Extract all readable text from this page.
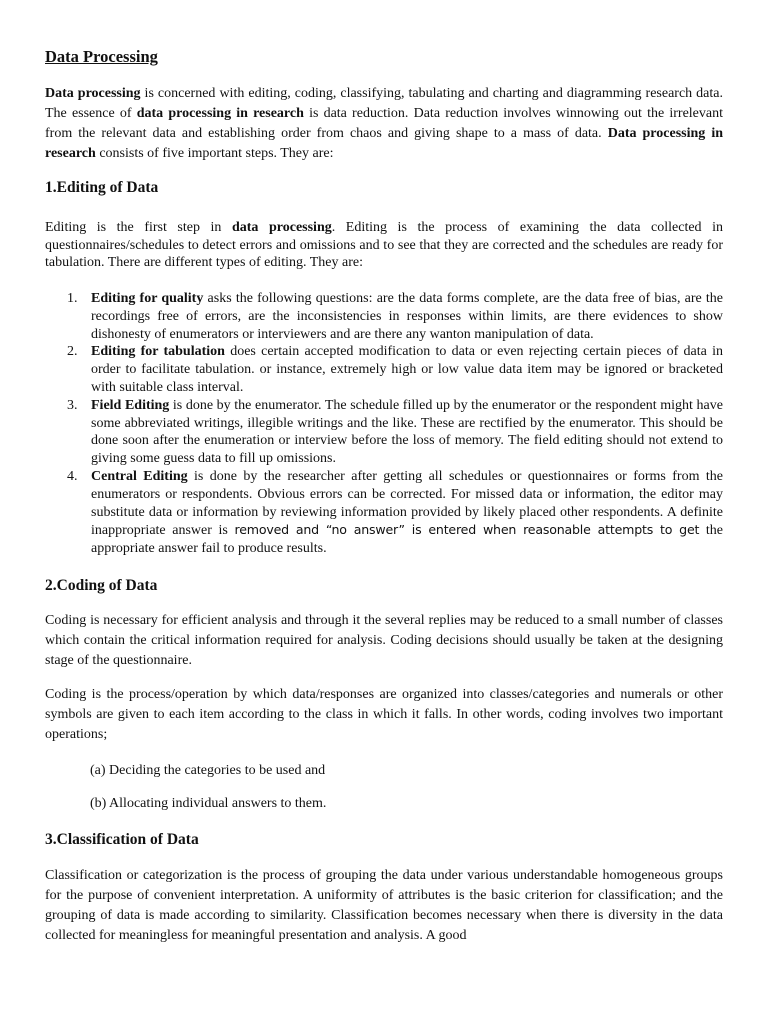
Data Processing

Data processing is concerned with editing, coding, classifying, tabulating and charting and diagramming research data. The essence of data processing in research is data reduction. Data reduction involves winnowing out the irrelevant from the relevant data and establishing order from chaos and giving shape to a mass of data. Data processing in research consists of five important steps. They are:

1.Editing of Data

Editing is the first step in data processing. Editing is the process of examining the data collected in questionnaires/schedules to detect errors and omissions and to see that they are corrected and the schedules are ready for tabulation. There are different types of editing. They are:

1. Editing for quality asks the following questions: are the data forms complete, are the data free of bias, are the recordings free of errors, are the inconsistencies in responses within limits, are there evidences to show dishonesty of enumerators or interviewers and are there any wanton manipulation of data.
2. Editing for tabulation does certain accepted modification to data or even rejecting certain pieces of data in order to facilitate tabulation. or instance, extremely high or low value data item may be ignored or bracketed with suitable class interval.
3. Field Editing is done by the enumerator. The schedule filled up by the enumerator or the respondent might have some abbreviated writings, illegible writings and the like. These are rectified by the enumerator. This should be done soon after the enumeration or interview before the loss of memory. The field editing should not extend to giving some guess data to fill up omissions.
4. Central Editing is done by the researcher after getting all schedules or questionnaires or forms from the enumerators or respondents. Obvious errors can be corrected. For missed data or information, the editor may substitute data or information by reviewing information provided by likely placed other respondents. A definite inappropriate answer is removed and “no answer” is entered when reasonable attempts to get the appropriate answer fail to produce results.
2.Coding of Data

Coding is necessary for efficient analysis and through it the several replies may be reduced to a small number of classes which contain the critical information required for analysis. Coding decisions should usually be taken at the designing stage of the questionnaire.

Coding is the process/operation by which data/responses are organized into classes/categories and numerals or other symbols are given to each item according to the class in which it falls. In other words, coding involves two important operations;

(a) Deciding the categories to be used and

(b) Allocating individual answers to them.

3.Classification of Data

Classification or categorization is the process of grouping the data under various understandable homogeneous groups for the purpose of convenient interpretation. A uniformity of attributes is the basic criterion for classification; and the grouping of data is made according to similarity. Classification becomes necessary when there is diversity in the data collected for meaningless for meaningful presentation and analysis. A good
